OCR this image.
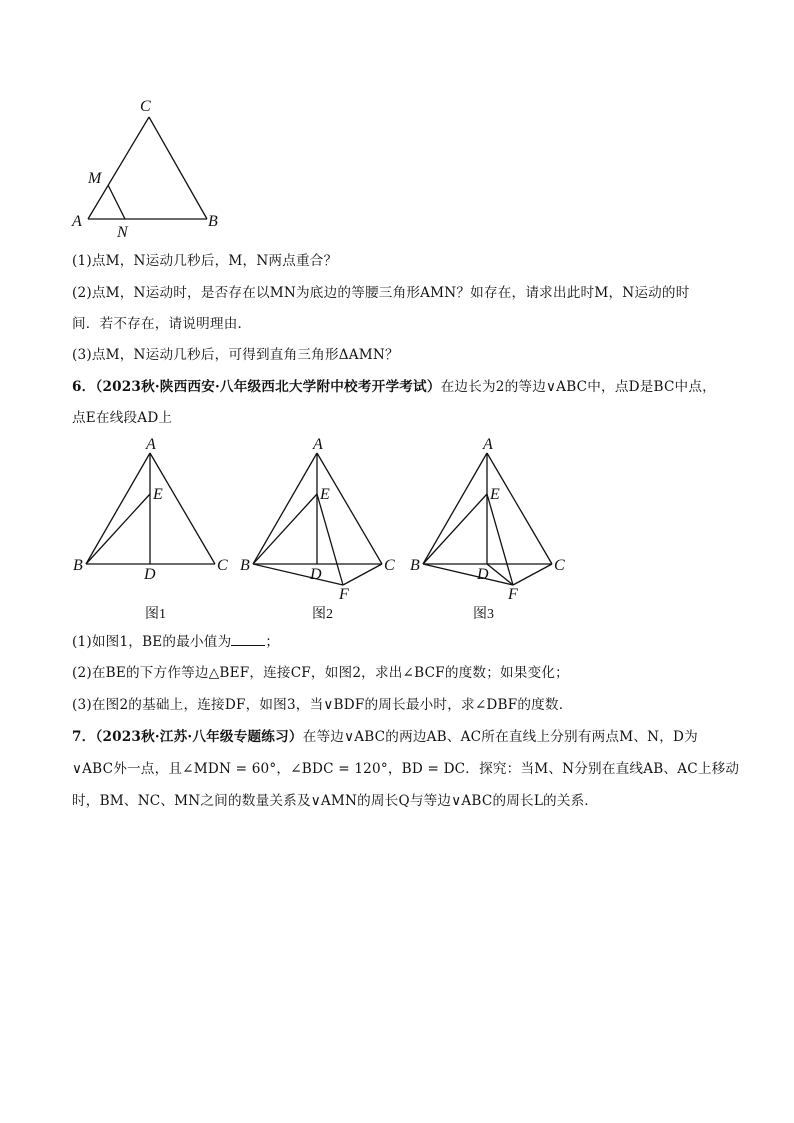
C
M
A
N
B
(1)点M，N运动几秒后，M，N两点重合？
(2)点M，N运动时，是否存在以MN为底边的等腰三角形AMN？如存在，请求出此时M，N运动的时
间．若不存在，请说明理由．
(3)点M，N运动几秒后，可得到直角三角形ΔAMN？
6．（2023秋·陕西西安·八年级西北大学附中校考开学考试）在边长为2的等边∨ABC中，点D是BC中点，
点E在线段AD上
A
E
B
D
C
图1
A
E
B
D
C
F
图2
A
E
B
D
C
F
图3
(1)如图1，BE的最小值为	；
(2)在BE的下方作等边△BEF，连接CF，如图2，求出∠BCF的度数；如果变化；
(3)在图2的基础上，连接DF，如图3，当∨BDF的周长最小时，求∠DBF的度数．
7．（2023秋·江苏·八年级专题练习）在等边∨ABC的两边AB、AC所在直线上分别有两点M、N，D为
∨ABC外一点，且∠MDN = 60°，∠BDC = 120°，BD = DC．探究：当M、N分别在直线AB、AC上移动
时，BM、NC、MN之间的数量关系及∨AMN的周长Q与等边∨ABC的周长L的关系．
